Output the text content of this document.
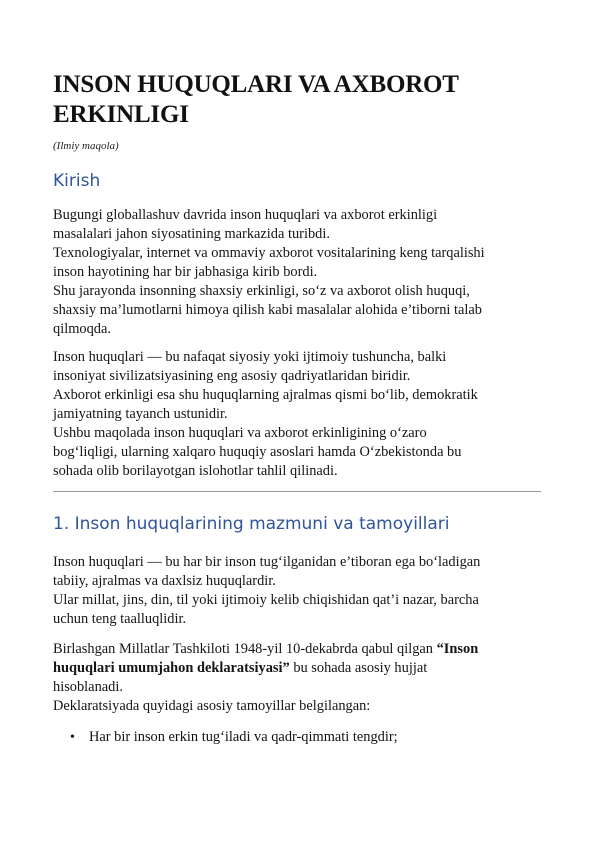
INSON HUQUQLARI VA AXBOROT
ERKINLIGI
(Ilmiy maqola)
Kirish
Bugungi globallashuv davrida inson huquqlari va axborot erkinligi
masalalari jahon siyosatining markazida turibdi.
Texnologiyalar, internet va ommaviy axborot vositalarining keng tarqalishi
inson hayotining har bir jabhasiga kirib bordi.
Shu jarayonda insonning shaxsiy erkinligi, so‘z va axborot olish huquqi,
shaxsiy ma’lumotlarni himoya qilish kabi masalalar alohida e’tiborni talab
qilmoqda.
Inson huquqlari — bu nafaqat siyosiy yoki ijtimoiy tushuncha, balki
insoniyat sivilizatsiyasining eng asosiy qadriyatlaridan biridir.
Axborot erkinligi esa shu huquqlarning ajralmas qismi bo‘lib, demokratik
jamiyatning tayanch ustunidir.
Ushbu maqolada inson huquqlari va axborot erkinligining o‘zaro
bog‘liqligi, ularning xalqaro huquqiy asoslari hamda O‘zbekistonda bu
sohada olib borilayotgan islohotlar tahlil qilinadi.
1. Inson huquqlarining mazmuni va tamoyillari
Inson huquqlari — bu har bir inson tug‘ilganidan e’tiboran ega bo‘ladigan
tabiiy, ajralmas va daxlsiz huquqlardir.
Ular millat, jins, din, til yoki ijtimoiy kelib chiqishidan qat’i nazar, barcha
uchun teng taalluqlidir.
Birlashgan Millatlar Tashkiloti 1948-yil 10-dekabrda qabul qilgan “Inson
huquqlari umumjahon deklaratsiyasi” bu sohada asosiy hujjat
hisoblanadi.
Deklaratsiyada quyidagi asosiy tamoyillar belgilangan:
• Har bir inson erkin tug‘iladi va qadr-qimmati tengdir;
